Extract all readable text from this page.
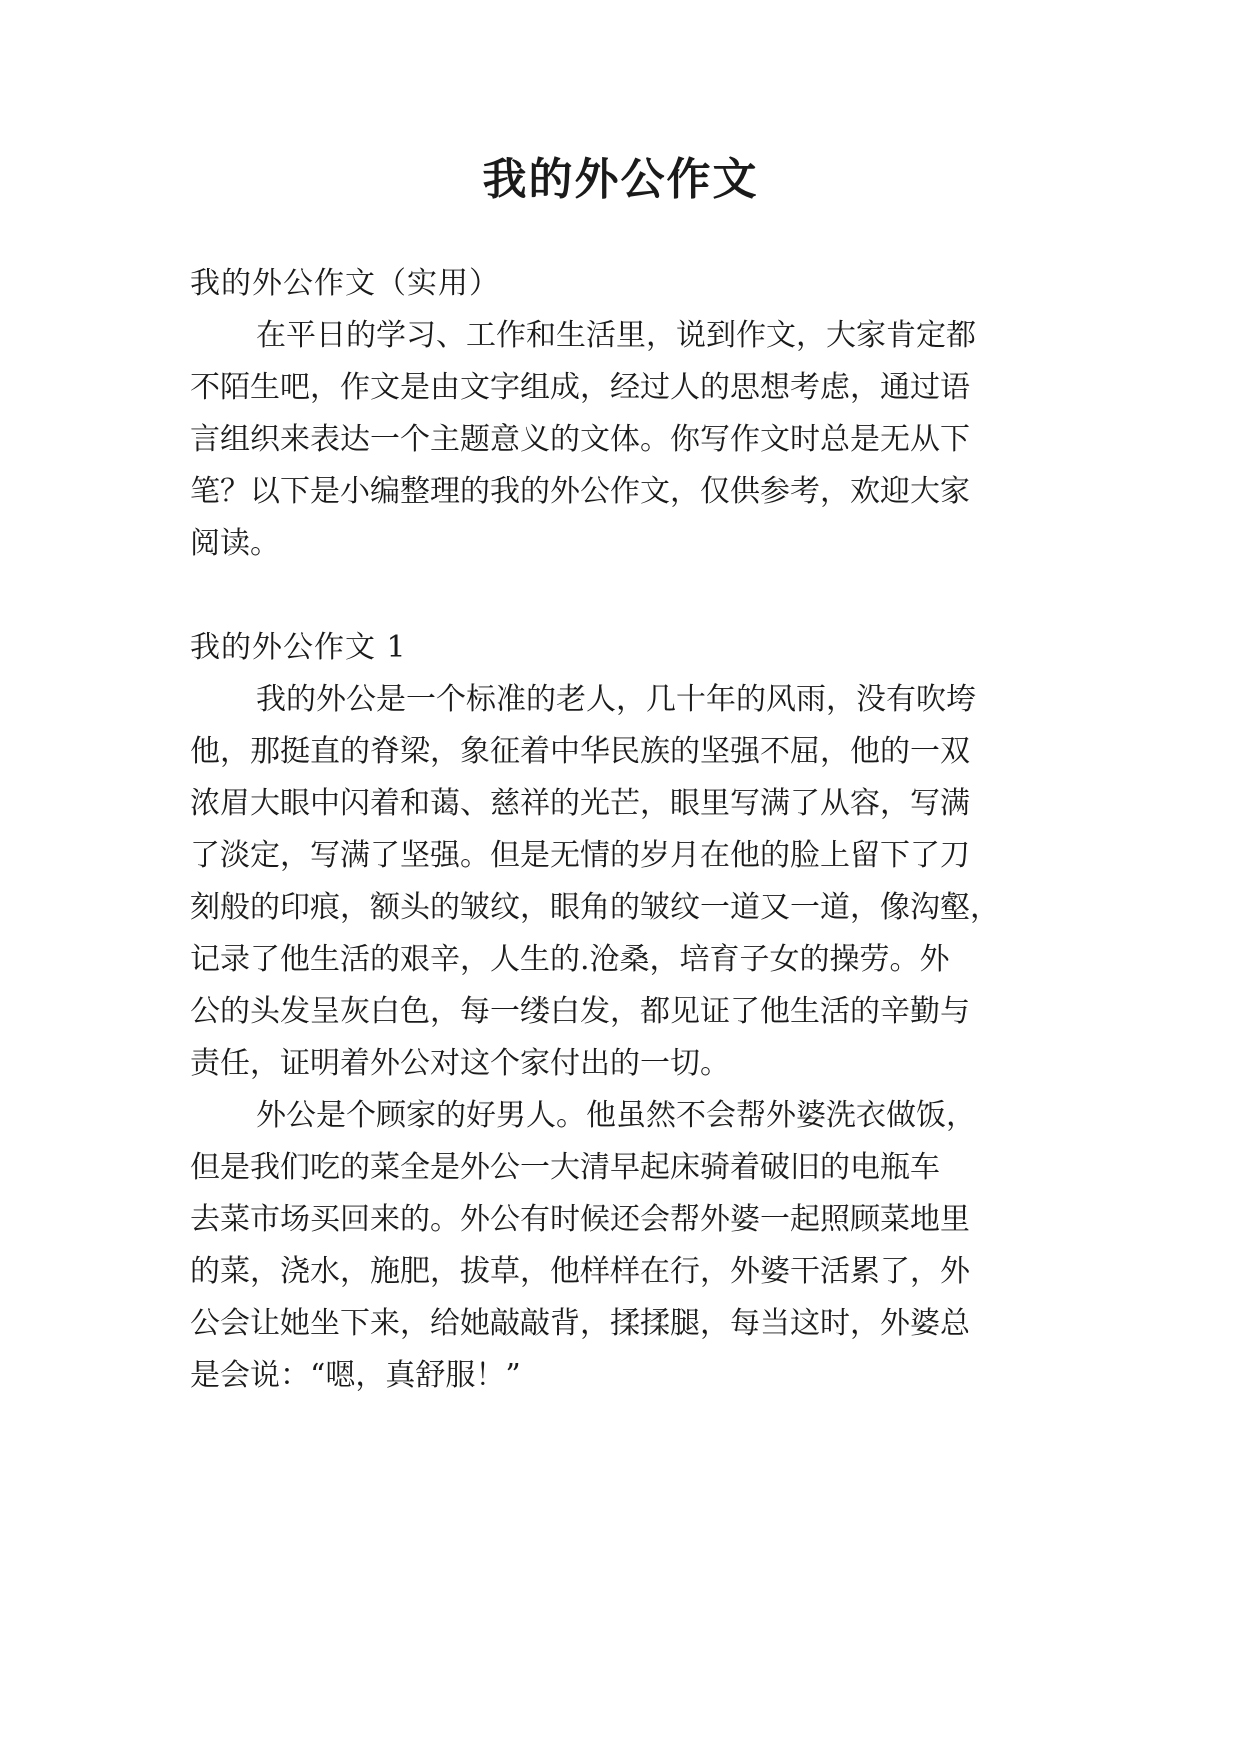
我的外公作文

我的外公作文（实用）

在平日的学习、工作和生活里，说到作文，大家肯定都

不陌生吧，作文是由文字组成，经过人的思想考虑，通过语

言组织来表达一个主题意义的文体。你写作文时总是无从下

笔？以下是小编整理的我的外公作文，仅供参考，欢迎大家

阅读。

我的外公作文 1

我的外公是一个标准的老人，几十年的风雨，没有吹垮

他，那挺直的脊梁，象征着中华民族的坚强不屈，他的一双

浓眉大眼中闪着和蔼、慈祥的光芒，眼里写满了从容，写满

了淡定，写满了坚强。但是无情的岁月在他的脸上留下了刀

刻般的印痕，额头的皱纹，眼角的皱纹一道又一道，像沟壑，

记录了他生活的艰辛，人生的.沧桑，培育子女的操劳。外

公的头发呈灰白色，每一缕白发，都见证了他生活的辛勤与

责任，证明着外公对这个家付出的一切。

外公是个顾家的好男人。他虽然不会帮外婆洗衣做饭，

但是我们吃的菜全是外公一大清早起床骑着破旧的电瓶车

去菜市场买回来的。外公有时候还会帮外婆一起照顾菜地里

的菜，浇水，施肥，拔草，他样样在行，外婆干活累了，外

公会让她坐下来，给她敲敲背，揉揉腿，每当这时，外婆总

是会说：“嗯，真舒服！”
